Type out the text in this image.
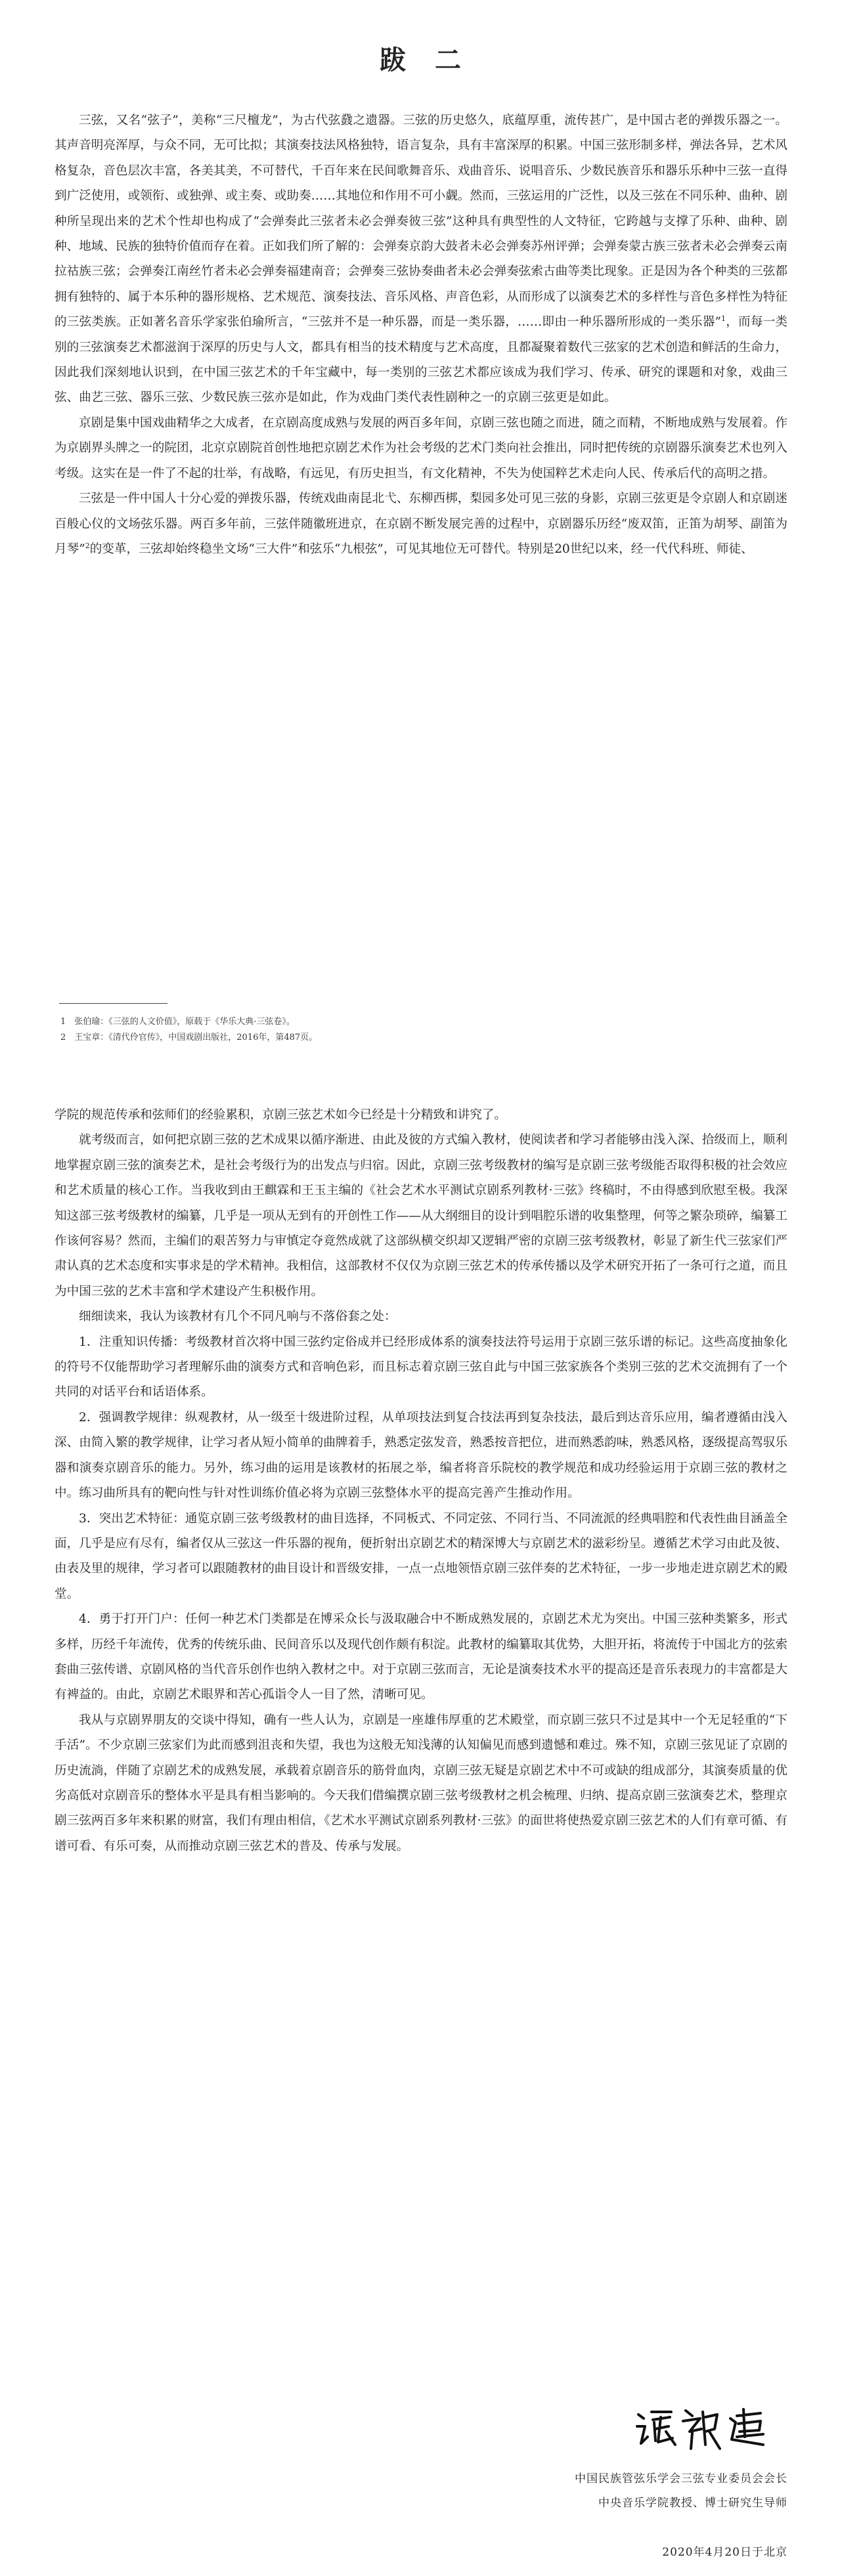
跋　二

三弦，又名“弦子”，美称“三尺檀龙”，为古代弦鼗之遗器。三弦的历史悠久，底蕴厚重，流传甚广，是中国古老的弹拨乐器之一。其声音明亮浑厚，与众不同，无可比拟；其演奏技法风格独特，语言复杂，具有丰富深厚的积累。中国三弦形制多样，弹法各异，艺术风格复杂，音色层次丰富，各美其美，不可替代，千百年来在民间歌舞音乐、戏曲音乐、说唱音乐、少数民族音乐和器乐乐种中三弦一直得到广泛使用，或领衔、或独弹、或主奏、或助奏……其地位和作用不可小觑。然而，三弦运用的广泛性，以及三弦在不同乐种、曲种、剧种所呈现出来的艺术个性却也构成了“会弹奏此三弦者未必会弹奏彼三弦”这种具有典型性的人文特征，它跨越与支撑了乐种、曲种、剧种、地域、民族的独特价值而存在着。正如我们所了解的：会弹奏京韵大鼓者未必会弹奏苏州评弹；会弹奏蒙古族三弦者未必会弹奏云南拉祜族三弦；会弹奏江南丝竹者未必会弹奏福建南音；会弹奏三弦协奏曲者未必会弹奏弦索古曲等类比现象。正是因为各个种类的三弦都拥有独特的、属于本乐种的器形规格、艺术规范、演奏技法、音乐风格、声音色彩，从而形成了以演奏艺术的多样性与音色多样性为特征的三弦类族。正如著名音乐学家张伯瑜所言，“三弦并不是一种乐器，而是一类乐器，……即由一种乐器所形成的一类乐器”$^1$，而每一类别的三弦演奏艺术都滋润于深厚的历史与人文，都具有相当的技术精度与艺术高度，且都凝聚着数代三弦家的艺术创造和鲜活的生命力，因此我们深刻地认识到，在中国三弦艺术的千年宝藏中，每一类别的三弦艺术都应该成为我们学习、传承、研究的课题和对象，戏曲三弦、曲艺三弦、器乐三弦、少数民族三弦亦是如此，作为戏曲门类代表性剧种之一的京剧三弦更是如此。

京剧是集中国戏曲精华之大成者，在京剧高度成熟与发展的两百多年间，京剧三弦也随之而进，随之而精，不断地成熟与发展着。作为京剧界头牌之一的院团，北京京剧院首创性地把京剧艺术作为社会考级的艺术门类向社会推出，同时把传统的京剧器乐演奏艺术也列入考级。这实在是一件了不起的壮举，有战略，有远见，有历史担当，有文化精神，不失为使国粹艺术走向人民、传承后代的高明之措。

三弦是一件中国人十分心爱的弹拨乐器，传统戏曲南昆北弋、东柳西梆，梨园多处可见三弦的身影，京剧三弦更是令京剧人和京剧迷百般心仪的文场弦乐器。两百多年前，三弦伴随徽班进京，在京剧不断发展完善的过程中，京剧器乐历经“废双笛，正笛为胡琴、副笛为月琴”$^2$的变革，三弦却始终稳坐文场“三大件”和弦乐“九根弦”，可见其地位无可替代。特别是20世纪以来，经一代代科班、师徒、

1　张伯瑜：《三弦的人文价值》，原载于《华乐大典·三弦卷》。
2　王宝章：《清代伶官传》，中国戏剧出版社，2016年，第487页。

学院的规范传承和弦师们的经验累积，京剧三弦艺术如今已经是十分精致和讲究了。

就考级而言，如何把京剧三弦的艺术成果以循序渐进、由此及彼的方式编入教材，使阅读者和学习者能够由浅入深、拾级而上，顺利地掌握京剧三弦的演奏艺术，是社会考级行为的出发点与归宿。因此，京剧三弦考级教材的编写是京剧三弦考级能否取得积极的社会效应和艺术质量的核心工作。当我收到由王麒霖和王玉主编的《社会艺术水平测试京剧系列教材·三弦》终稿时，不由得感到欣慰至极。我深知这部三弦考级教材的编纂，几乎是一项从无到有的开创性工作——从大纲细目的设计到唱腔乐谱的收集整理，何等之繁杂琐碎，编纂工作该何容易？然而，主编们的艰苦努力与审慎定夺竟然成就了这部纵横交织却又逻辑严密的京剧三弦考级教材，彰显了新生代三弦家们严肃认真的艺术态度和实事求是的学术精神。我相信，这部教材不仅仅为京剧三弦艺术的传承传播以及学术研究开拓了一条可行之道，而且为中国三弦的艺术丰富和学术建设产生积极作用。

细细读来，我认为该教材有几个不同凡响与不落俗套之处：

1．注重知识传播：考级教材首次将中国三弦约定俗成并已经形成体系的演奏技法符号运用于京剧三弦乐谱的标记。这些高度抽象化的符号不仅能帮助学习者理解乐曲的演奏方式和音响色彩，而且标志着京剧三弦自此与中国三弦家族各个类别三弦的艺术交流拥有了一个共同的对话平台和话语体系。

2．强调教学规律：纵观教材，从一级至十级进阶过程，从单项技法到复合技法再到复杂技法，最后到达音乐应用，编者遵循由浅入深、由简入繁的教学规律，让学习者从短小简单的曲牌着手，熟悉定弦发音，熟悉按音把位，进而熟悉韵味，熟悉风格，逐级提高驾驭乐器和演奏京剧音乐的能力。另外，练习曲的运用是该教材的拓展之举，编者将音乐院校的教学规范和成功经验运用于京剧三弦的教材之中。练习曲所具有的靶向性与针对性训练价值必将为京剧三弦整体水平的提高完善产生推动作用。

3．突出艺术特征：通览京剧三弦考级教材的曲目选择，不同板式、不同定弦、不同行当、不同流派的经典唱腔和代表性曲目涵盖全面，几乎是应有尽有，编者仅从三弦这一件乐器的视角，便折射出京剧艺术的精深博大与京剧艺术的滋彩纷呈。遵循艺术学习由此及彼、由表及里的规律，学习者可以跟随教材的曲目设计和晋级安排，一点一点地领悟京剧三弦伴奏的艺术特征，一步一步地走进京剧艺术的殿堂。

4．勇于打开门户：任何一种艺术门类都是在博采众长与汲取融合中不断成熟发展的，京剧艺术尤为突出。中国三弦种类繁多，形式多样，历经千年流传，优秀的传统乐曲、民间音乐以及现代创作颇有积淀。此教材的编纂取其优势，大胆开拓，将流传于中国北方的弦索套曲三弦传谱、京剧风格的当代音乐创作也纳入教材之中。对于京剧三弦而言，无论是演奏技术水平的提高还是音乐表现力的丰富都是大有裨益的。由此，京剧艺术眼界和苦心孤诣令人一目了然，清晰可见。

我从与京剧界朋友的交谈中得知，确有一些人认为，京剧是一座雄伟厚重的艺术殿堂，而京剧三弦只不过是其中一个无足轻重的“下手活”。不少京剧三弦家们为此而感到沮丧和失望，我也为这般无知浅薄的认知偏见而感到遗憾和难过。殊不知，京剧三弦见证了京剧的历史流淌，伴随了京剧艺术的成熟发展，承载着京剧音乐的筋骨血肉，京剧三弦无疑是京剧艺术中不可或缺的组成部分，其演奏质量的优劣高低对京剧音乐的整体水平是具有相当影响的。今天我们借编撰京剧三弦考级教材之机会梳理、归纳、提高京剧三弦演奏艺术，整理京剧三弦两百多年来积累的财富，我们有理由相信，《艺术水平测试京剧系列教材·三弦》的面世将使热爱京剧三弦艺术的人们有章可循、有谱可看、有乐可奏，从而推动京剧三弦艺术的普及、传承与发展。

中国民族管弦乐学会三弦专业委员会会长
中央音乐学院教授、博士研究生导师
2020年4月20日于北京
